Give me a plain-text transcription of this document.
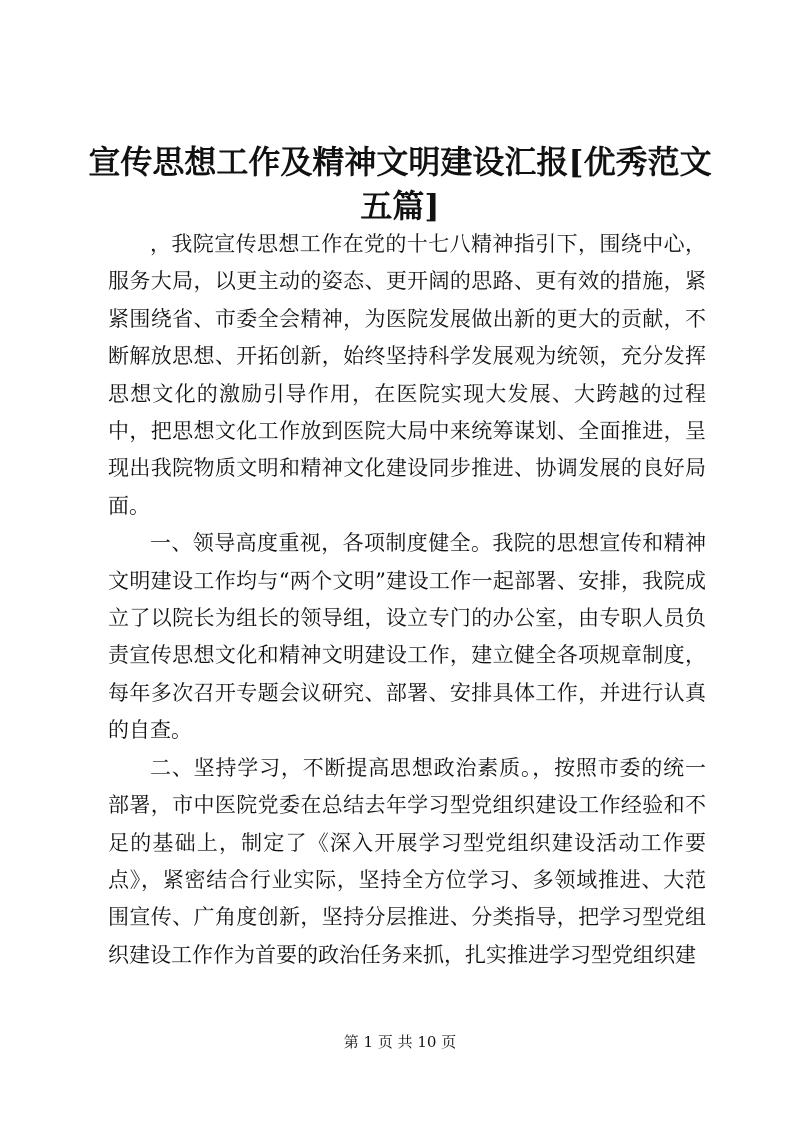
宣传思想工作及精神文明建设汇报[优秀范文五篇]

，我院宣传思想工作在党的十七八精神指引下，围绕中心，服务大局，以更主动的姿态、更开阔的思路、更有效的措施，紧紧围绕省、市委全会精神，为医院发展做出新的更大的贡献，不断解放思想、开拓创新，始终坚持科学发展观为统领，充分发挥思想文化的激励引导作用，在医院实现大发展、大跨越的过程中，把思想文化工作放到医院大局中来统筹谋划、全面推进，呈现出我院物质文明和精神文化建设同步推进、协调发展的良好局面。

一、领导高度重视，各项制度健全。我院的思想宣传和精神文明建设工作均与“两个文明”建设工作一起部署、安排，我院成立了以院长为组长的领导组，设立专门的办公室，由专职人员负责宣传思想文化和精神文明建设工作，建立健全各项规章制度，每年多次召开专题会议研究、部署、安排具体工作，并进行认真的自查。

二、坚持学习，不断提高思想政治素质。，按照市委的统一部署，市中医院党委在总结去年学习型党组织建设工作经验和不足的基础上，制定了《深入开展学习型党组织建设活动工作要点》，紧密结合行业实际，坚持全方位学习、多领域推进、大范围宣传、广角度创新，坚持分层推进、分类指导，把学习型党组织建设工作作为首要的政治任务来抓，扎实推进学习型党组织建

第 1 页 共 10 页
